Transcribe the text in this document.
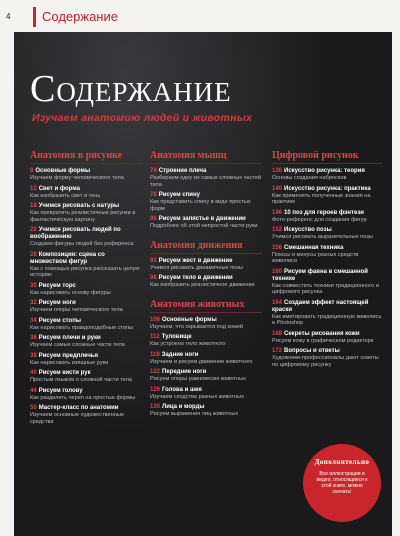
4 Содержание
Содержание
Изучаем анатомию людей и животных
Анатомия в рисунке
8 Основные формы
Изучаем форму человеческого тела
12 Свет и форма
Как изобразить свет и тень
18 Учимся рисовать с натуры
Как превратить реалистичные рисунки в фантастическую картину
22 Учимся рисовать людей по воображению
Создаем фигуры людей без референса
28 Композиция: сцена со множеством фигур
Как с помощью рисунка рассказать целую историю
30 Рисуем торс
Как нарисовать основу фигуры
32 Рисуем ноги
Изучаем опоры человеческого тела
34 Рисуем стопы
Как нарисовать правдоподобные стопы
36 Рисуем плечи и руки
Изучаем самые сложные части тела
38 Рисуем предплечья
Как нарисовать изящные руки
40 Рисуем кисти рук
Простым языком о сложной части тела
44 Рисуем голову
Как разделить череп на простые формы
50 Мастер-класс по анатомии
Изучаем основные художественные средства
Анатомия мышц
74 Строение плеча
Разбираем одну из самых сложных частей тела
78 Рисуем спину
Как представить спину в виде простых форм
86 Рисуем запястье в движении
Подробнее об этой непростой части руки
Анатомия движения
92 Рисуем жест в движение
Учимся рисовать динамичные позы
98 Рисуем тело в движении
Как изобразить реалистичное движение
Анатомия животных
106 Основные формы
Изучаем, что скрывается под кожей
112 Туловище
Как устроено тело животного
118 Задние ноги
Изучаем и рисуем движение животного
122 Передние ноги
Рисуем опоры равновесия животных
126 Голова и шея
Изучаем сходства разных животных
130 Лица и морды
Рисуем выражения лиц животных
Цифровой рисунок
136 Искусство рисунка: теория
Основы создания набросков
140 Искусство рисунка: практика
Как применять полученные знания на практике
146 10 поз для героев фэнтези
Фото-референс для создания фигур
152 Искусство позы
Учимся рисовать выразительные позы
156 Смешанная техника
Плюсы и минусы разных средств живописи
160 Рисуем фавна в смешанной технике
Как совместить техники традиционного и цифрового рисунка
164 Создаем эффект настоящей краски
Как имитировать традиционную живопись в Photoshop
168 Секреты рисования кожи
Рисуем кожу в графическом редакторе
172 Вопросы и ответы
Художники-профессионалы дают советы по цифровому рисунку
Дополнительно
Все иллюстрации и видео, относящиеся к этой книге, можно скачать!
